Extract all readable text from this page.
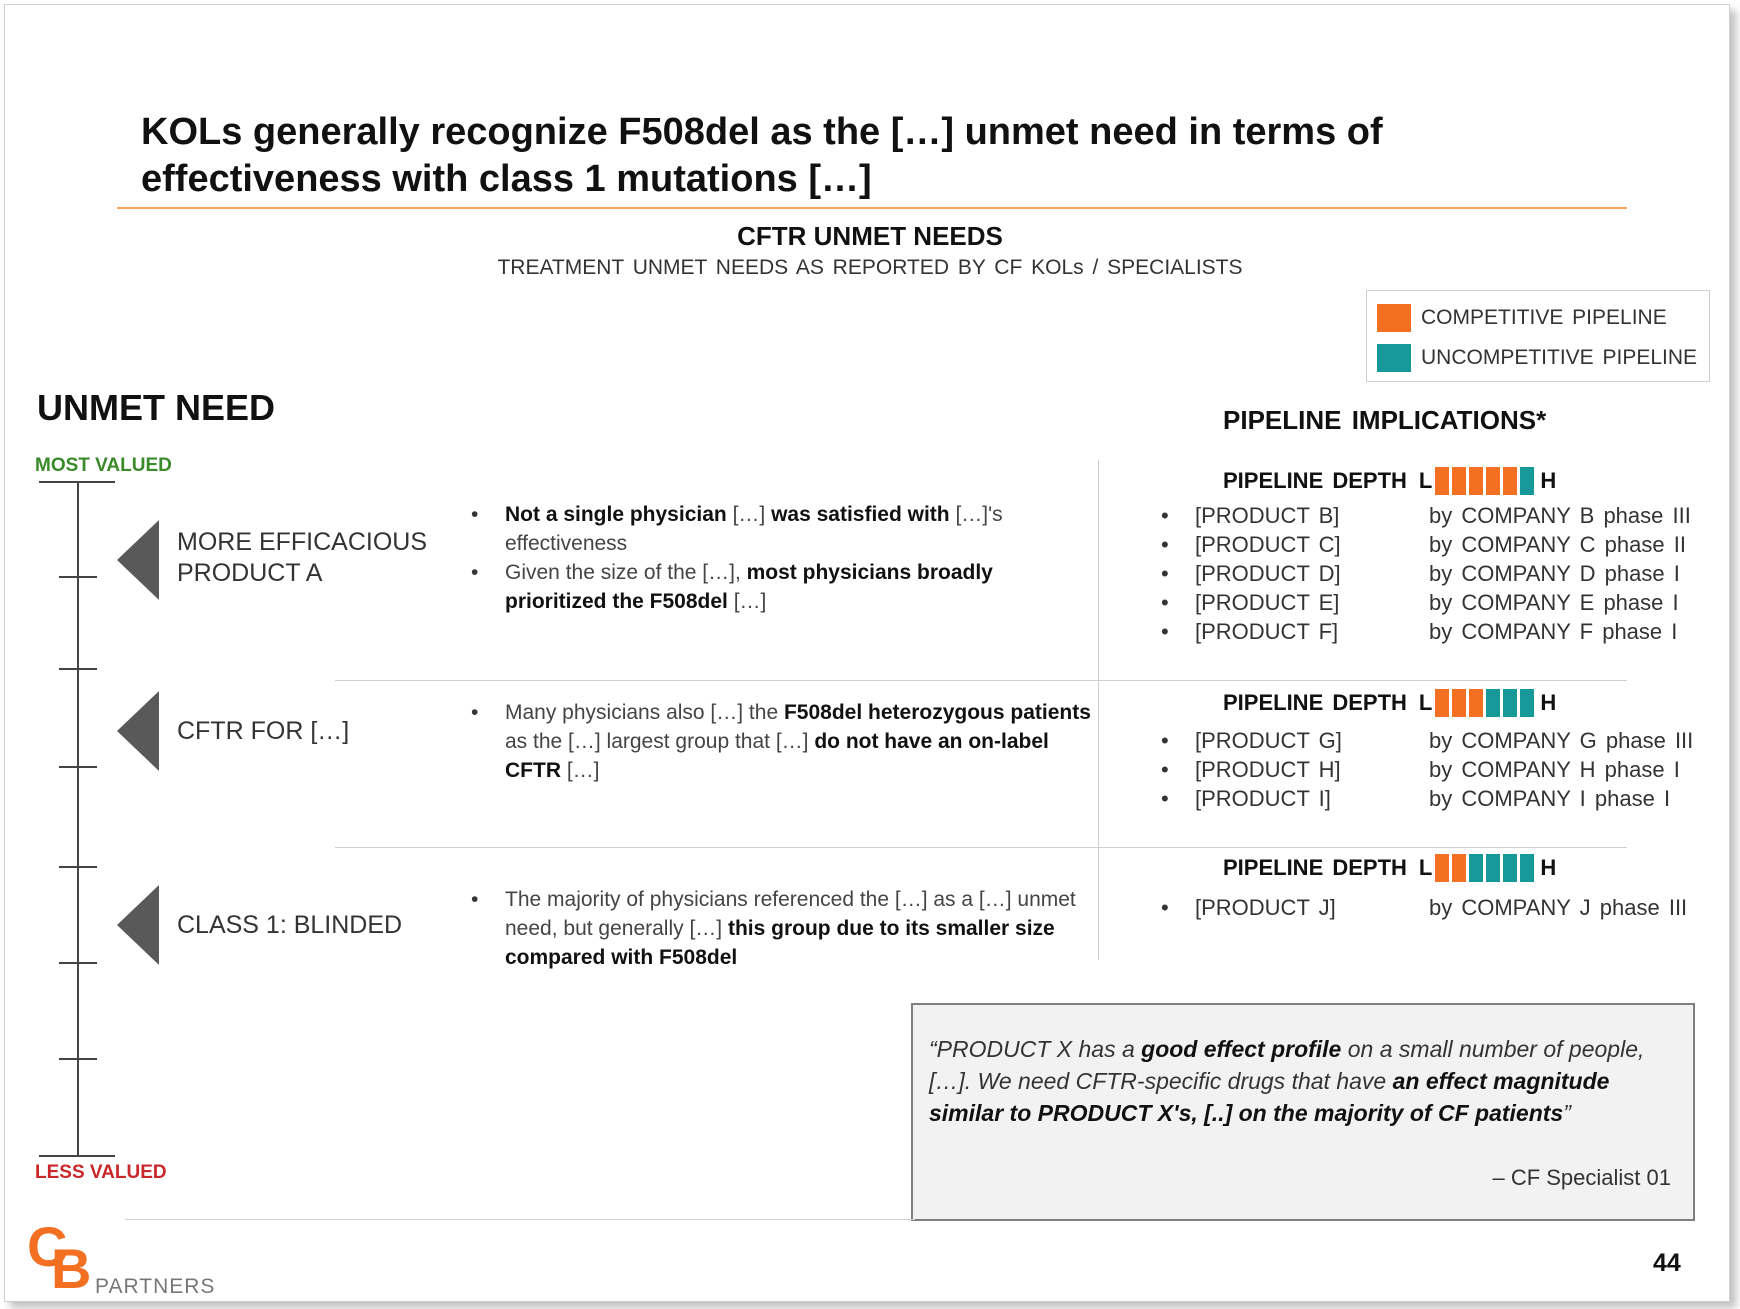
KOLs generally recognize F508del as the […] unmet need in terms of effectiveness with class 1 mutations […]
CFTR UNMET NEEDS
TREATMENT UNMET NEEDS AS REPORTED BY CF KOLs / SPECIALISTS
COMPETITIVE PIPELINE
UNCOMPETITIVE PIPELINE
UNMET NEED	PIPELINE IMPLICATIONS*
MOST VALUED
LESS VALUED
MORE EFFICACIOUS
PRODUCT A
• Not a single physician […] was satisfied with […]'s effectiveness
• Given the size of the […], most physicians broadly prioritized the F508del […]
CFTR FOR […]
• Many physicians also […] the F508del heterozygous patients as the […] largest group that […] do not have an on-label CFTR […]
CLASS 1: BLINDED
• The majority of physicians referenced the […] as a […] unmet need, but generally […] this group due to its smaller size compared with F508del
PIPELINE DEPTH L	H
•	[PRODUCT B]	by COMPANY B phase III
•	[PRODUCT C]	by COMPANY C phase II
•	[PRODUCT D]	by COMPANY D phase I
•	[PRODUCT E]	by COMPANY E phase I
•	[PRODUCT F]	by COMPANY F phase I
PIPELINE DEPTH L	H
•	[PRODUCT G]	by COMPANY G phase III
•	[PRODUCT H]	by COMPANY H phase I
•	[PRODUCT I]	by COMPANY I phase I
PIPELINE DEPTH L	H
•	[PRODUCT J]	by COMPANY J phase III
“PRODUCT X has a good effect profile on a small number of people, […]. We need CFTR-specific drugs that have an effect magnitude similar to PRODUCT X's, [..] on the majority of CF patients”
– CF Specialist 01
44
C
B PARTNERS
